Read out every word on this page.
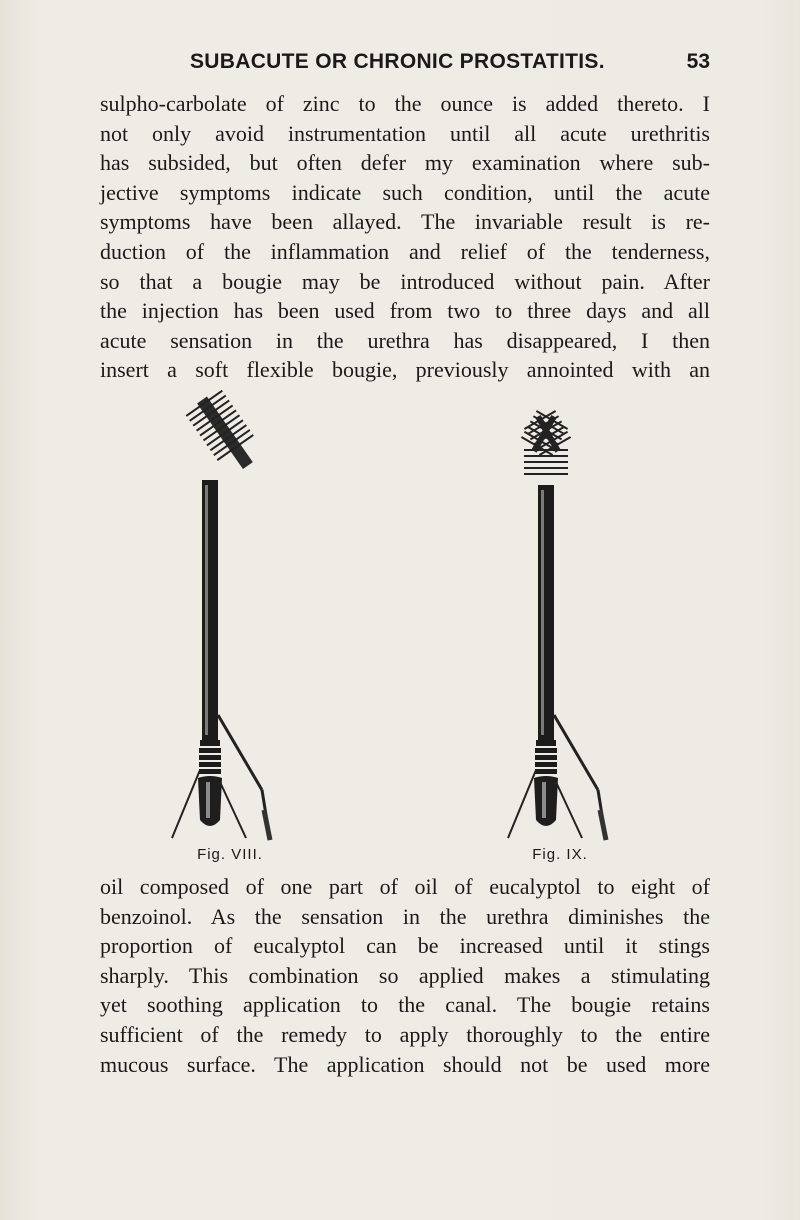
SUBACUTE OR CHRONIC PROSTATITIS.	53
sulpho-carbolate of zinc to the ounce is added thereto. I
not only avoid instrumentation until all acute urethritis
has subsided, but often defer my examination where sub-
jective symptoms indicate such condition, until the acute
symptoms have been allayed. The invariable result is re-
duction of the inflammation and relief of the tenderness,
so that a bougie may be introduced without pain. After
the injection has been used from two to three days and all
acute sensation in the urethra has disappeared, I then
insert a soft flexible bougie, previously annointed with an
Fig. VIII.	Fig. IX.
oil composed of one part of oil of eucalyptol to eight of
benzoinol. As the sensation in the urethra diminishes the
proportion of eucalyptol can be increased until it stings
sharply. This combination so applied makes a stimulating
yet soothing application to the canal. The bougie retains
sufficient of the remedy to apply thoroughly to the entire
mucous surface. The application should not be used more
